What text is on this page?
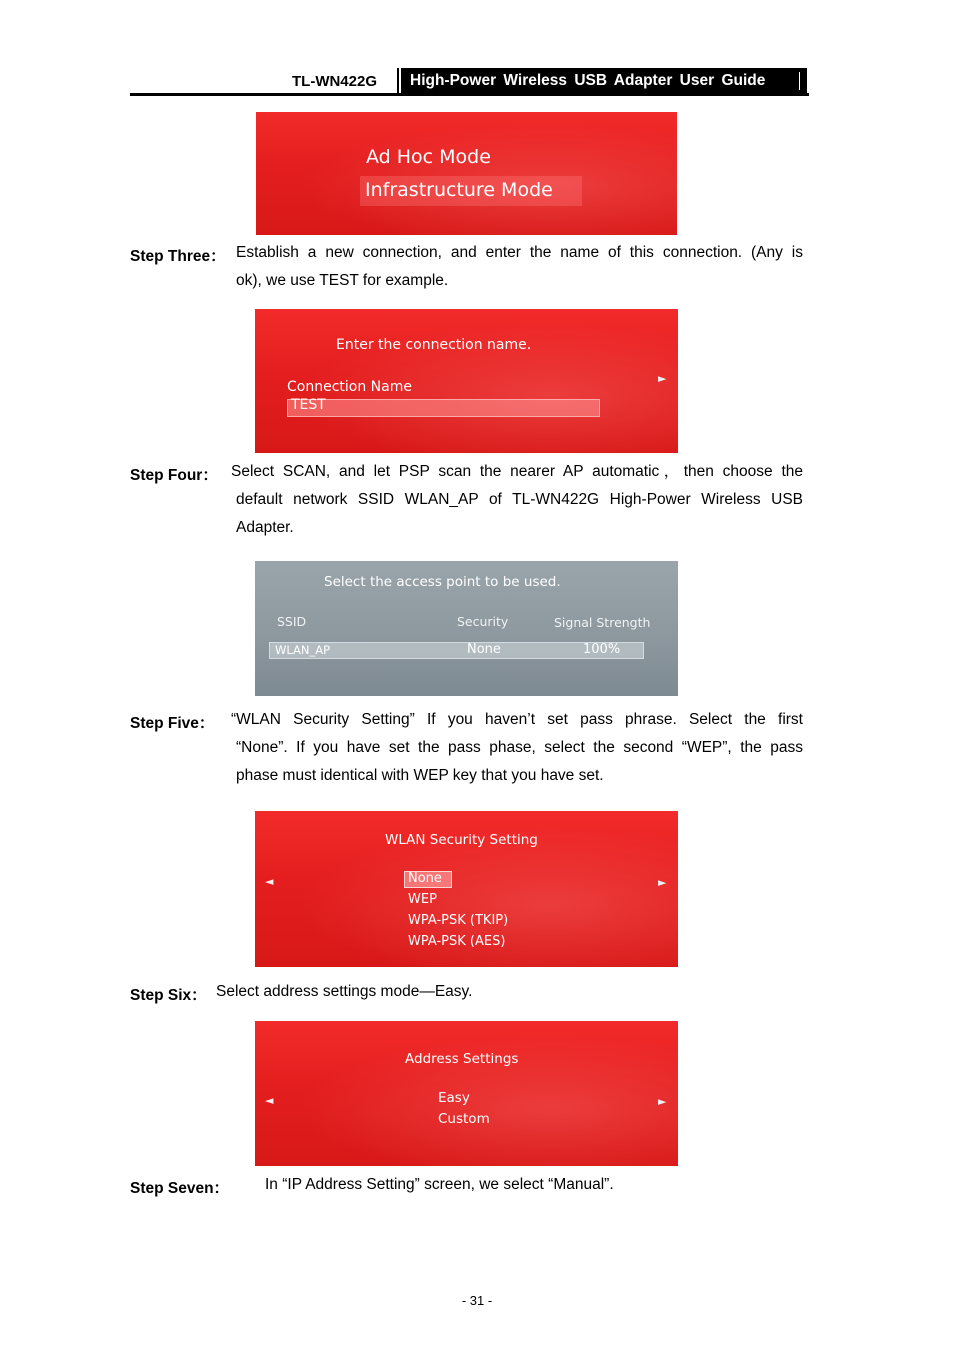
TL-WN422G	High-Power Wireless USB Adapter User Guide
Ad Hoc Mode
Infrastructure Mode
Step Three： Establish a new connection, and enter the name of this connection. (Any is
ok), we use TEST for example.
Enter the connection name.
Connection Name
TEST
►
Step Four： Select SCAN, and let PSP scan the nearer AP automatic，then choose the
default network SSID WLAN_AP of TL-WN422G High-Power Wireless USB
Adapter.
Select the access point to be used.
SSID	Security	Signal Strength
WLAN_AP	None	100%
Step Five： “WLAN Security Setting” If you haven’t set pass phrase. Select the first
“None”. If you have set the pass phase, select the second “WEP”, the pass
phase must identical with WEP key that you have set.
WLAN Security Setting
◄	None
WEP
WPA-PSK (TKIP)
WPA-PSK (AES)
►
Step Six： Select address settings mode—Easy.
Address Settings
◄	Easy
Custom
►
Step Seven： In “IP Address Setting” screen, we select “Manual”.
- 31 -
